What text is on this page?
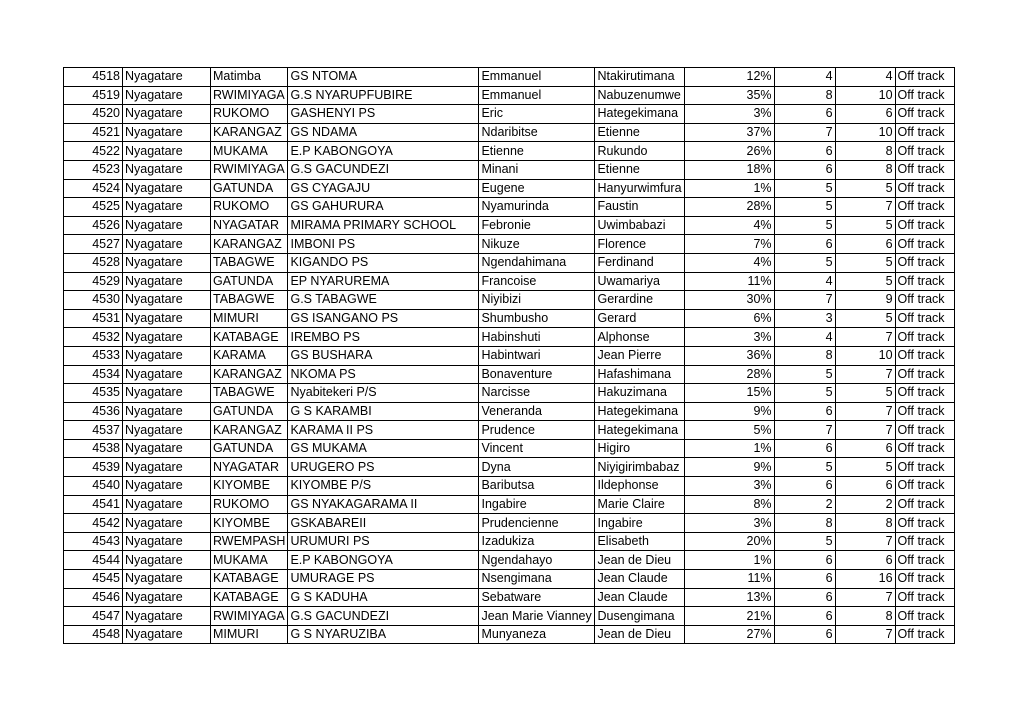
4518	Nyagatare	Matimba	GS NTOMA	Emmanuel	Ntakirutimana	12%	4	4	Off track
4519	Nyagatare	RWIMIYAGA	G.S NYARUPFUBIRE	Emmanuel	Nabuzenumwe	35%	8	10	Off track
4520	Nyagatare	RUKOMO	GASHENYI PS	Eric	Hategekimana	3%	6	6	Off track
4521	Nyagatare	KARANGAZ	GS NDAMA	Ndaribitse	Etienne	37%	7	10	Off track
4522	Nyagatare	MUKAMA	E.P KABONGOYA	Etienne	Rukundo	26%	6	8	Off track
4523	Nyagatare	RWIMIYAGA	G.S GACUNDEZI	Minani	Etienne	18%	6	8	Off track
4524	Nyagatare	GATUNDA	GS CYAGAJU	Eugene	Hanyurwimfura	1%	5	5	Off track
4525	Nyagatare	RUKOMO	GS GAHURURA	Nyamurinda	Faustin	28%	5	7	Off track
4526	Nyagatare	NYAGATAR	MIRAMA PRIMARY SCHOOL	Febronie	Uwimbabazi	4%	5	5	Off track
4527	Nyagatare	KARANGAZ	IMBONI PS	Nikuze	Florence	7%	6	6	Off track
4528	Nyagatare	TABAGWE	KIGANDO PS	Ngendahimana	Ferdinand	4%	5	5	Off track
4529	Nyagatare	GATUNDA	EP NYARUREMA	Francoise	Uwamariya	11%	4	5	Off track
4530	Nyagatare	TABAGWE	G.S TABAGWE	Niyibizi	Gerardine	30%	7	9	Off track
4531	Nyagatare	MIMURI	GS ISANGANO PS	Shumbusho	Gerard	6%	3	5	Off track
4532	Nyagatare	KATABAGE	IREMBO PS	Habinshuti	Alphonse	3%	4	7	Off track
4533	Nyagatare	KARAMA	GS BUSHARA	Habintwari	Jean Pierre	36%	8	10	Off track
4534	Nyagatare	KARANGAZ	NKOMA PS	Bonaventure	Hafashimana	28%	5	7	Off track
4535	Nyagatare	TABAGWE	Nyabitekeri P/S	Narcisse	Hakuzimana	15%	5	5	Off track
4536	Nyagatare	GATUNDA	G S KARAMBI	Veneranda	Hategekimana	9%	6	7	Off track
4537	Nyagatare	KARANGAZ	KARAMA II PS	Prudence	Hategekimana	5%	7	7	Off track
4538	Nyagatare	GATUNDA	GS MUKAMA	Vincent	Higiro	1%	6	6	Off track
4539	Nyagatare	NYAGATAR	URUGERO PS	Dyna	Niyigirimbabaz	9%	5	5	Off track
4540	Nyagatare	KIYOMBE	KIYOMBE P/S	Baributsa	Ildephonse	3%	6	6	Off track
4541	Nyagatare	RUKOMO	GS NYAKAGARAMA II	Ingabire	Marie Claire	8%	2	2	Off track
4542	Nyagatare	KIYOMBE	GSKABAREII	Prudencienne	Ingabire	3%	8	8	Off track
4543	Nyagatare	RWEMPASH	URUMURI PS	Izadukiza	Elisabeth	20%	5	7	Off track
4544	Nyagatare	MUKAMA	E.P KABONGOYA	Ngendahayo	Jean de Dieu	1%	6	6	Off track
4545	Nyagatare	KATABAGE	UMURAGE PS	Nsengimana	Jean Claude	11%	6	16	Off track
4546	Nyagatare	KATABAGE	G S KADUHA	Sebatware	Jean Claude	13%	6	7	Off track
4547	Nyagatare	RWIMIYAGA	G.S GACUNDEZI	Jean Marie Vianney	Dusengimana	21%	6	8	Off track
4548	Nyagatare	MIMURI	G S NYARUZIBA	Munyaneza	Jean de Dieu	27%	6	7	Off track
